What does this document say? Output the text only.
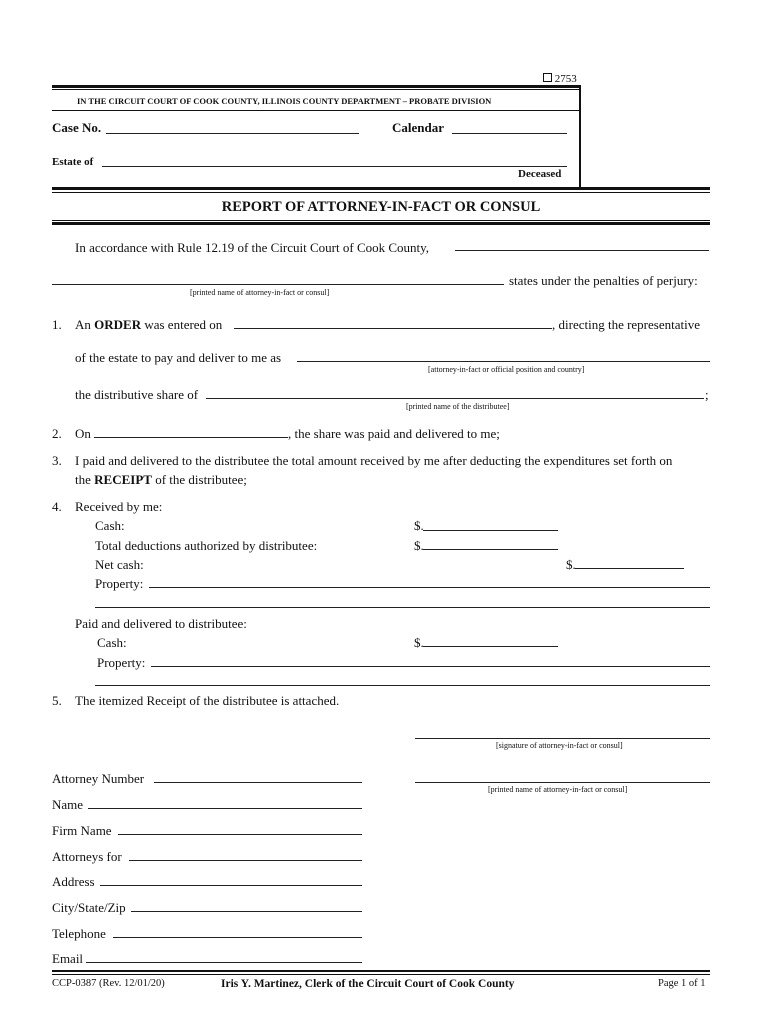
2753
IN THE CIRCUIT COURT OF COOK COUNTY, ILLINOIS COUNTY DEPARTMENT – PROBATE DIVISION
Case No.	Calendar
Estate of
Deceased
REPORT OF ATTORNEY-IN-FACT OR CONSUL
In accordance with Rule 12.19 of the Circuit Court of Cook County,
states under the penalties of perjury:
[printed name of attorney-in-fact or consul]
1. An ORDER was entered on	, directing the representative
of the estate to pay and deliver to me as
[attorney-in-fact or official position and country]
the distributive share of	;
[printed name of the distributee]
2. On	, the share was paid and delivered to me;
3. I paid and delivered to the distributee the total amount received by me after deducting the expenditures set forth on
the RECEIPT of the distributee;
4. Received by me:
Cash:	$.
Total deductions authorized by distributee:	$.
Net cash:	$.
Property:
Paid and delivered to distributee:
Cash:	$.
Property:
5. The itemized Receipt of the distributee is attached.
[signature of attorney-in-fact or consul]
[printed name of attorney-in-fact or consul]
Attorney Number
Name
Firm Name
Attorneys for
Address
City/State/Zip
Telephone
Email
CCP-0387 (Rev. 12/01/20)	Iris Y. Martinez, Clerk of the Circuit Court of Cook County	Page 1 of 1
